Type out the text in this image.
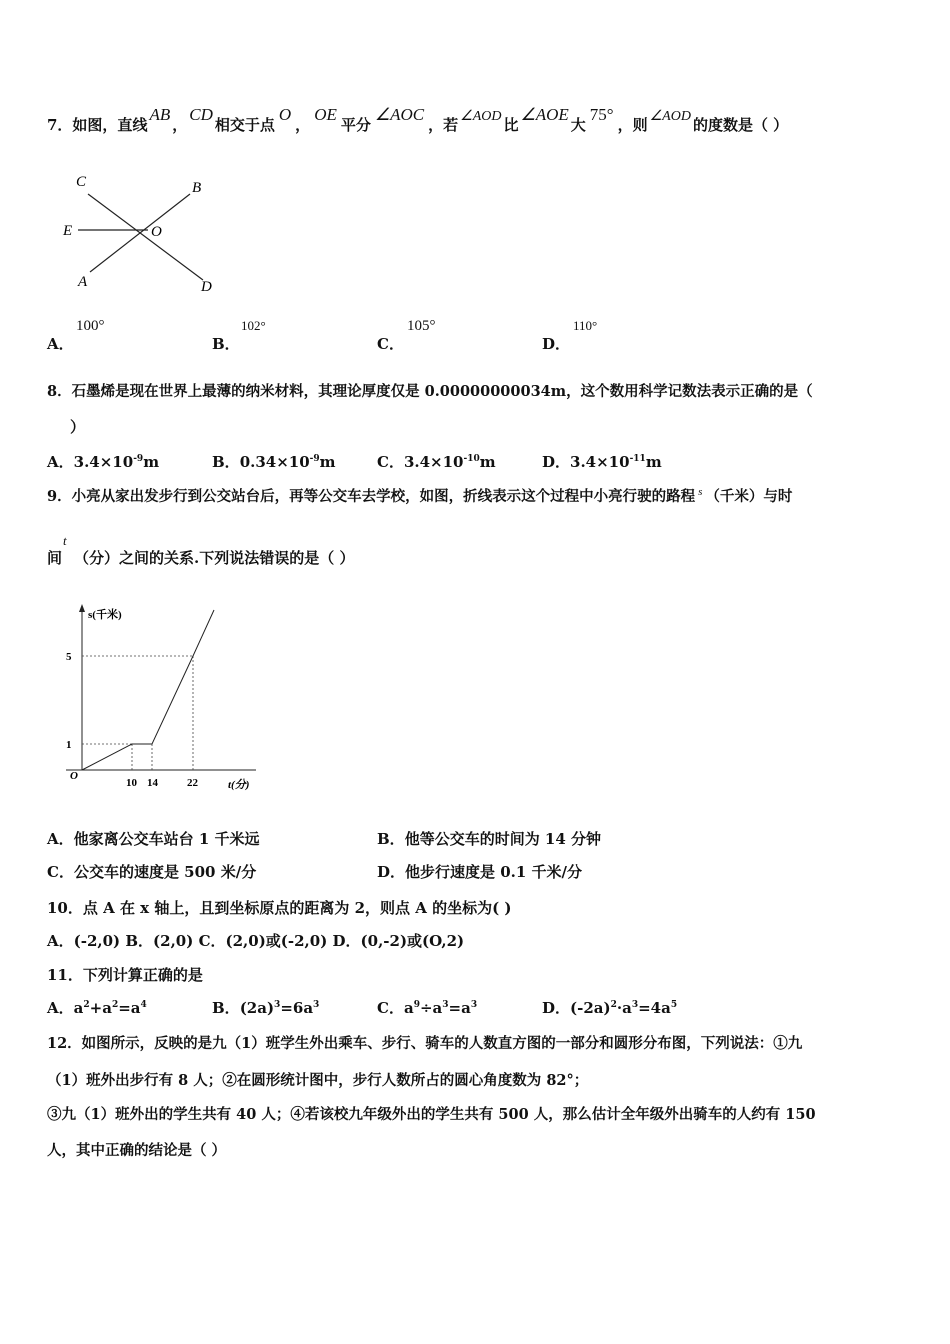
7．如图，直线AB，CD相交于点O，OE平分∠AOC，若 ∠AOD 比∠AOE大75°，则 ∠AOD 的度数是（ ）
C	B
E	O
A	D
A．
100°
B．
102°
C．
105°
D．
110°
8．石墨烯是现在世界上最薄的纳米材料，其理论厚度仅是 0.00000000034m，这个数用科学记数法表示正确的是（
）
A．$3.4\times 10^{-9}m$	B．$0.34\times 10^{-9}m$	C．$3.4\times 10^{-10}m$	D．$3.4\times 10^{-11}m$
9．小亮从家出发步行到公交站台后，再等公交车去学校，如图，折线表示这个过程中小亮行驶的路程 $^s$ （千米）与时
t
间 （分）之间的关系.下列说法错误的是（ ）
s(千米)
t(分)
O
5
1
10 14	22
A．他家离公交车站台 1 千米远	B．他等公交车的时间为 14 分钟
C．公交车的速度是 500 米/分	D．他步行速度是 0.1 千米/分
10．点 A 在 x 轴上，且到坐标原点的距离为 2，则点 A 的坐标为( )
A．(-2,0) B．(2,0) C．(2,0)或(-2,0) D．(0,-2)或(O,2)
11．下列计算正确的是
A．$a^2+a^2=a^4$	B．$(2a)^3=6a^3$	C．$a^9\div a^3=a^3$	D．$(-2a)^2\cdot a^3=4a^5$
12．如图所示，反映的是九（1）班学生外出乘车、步行、骑车的人数直方图的一部分和圆形分布图，下列说法：①九
（1）班外出步行有 8 人；②在圆形统计图中，步行人数所占的圆心角度数为 82°；
③九（1）班外出的学生共有 40 人；④若该校九年级外出的学生共有 500 人，那么估计全年级外出骑车的人约有 150
人，其中正确的结论是（ ）
